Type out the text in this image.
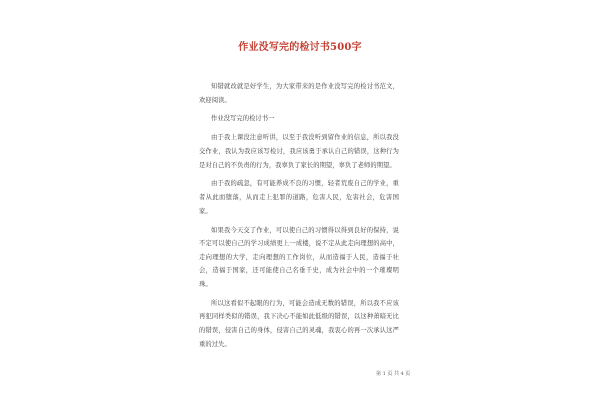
作业没写完的检讨书500字

知错就改就是好学生，为大家带来的是作业没写完的检讨书范文，欢迎阅读。

作业没写完的检讨书一

由于我上课没注意听讲，以至于我没听到留作业的信息，所以我没交作业，我认为我应该写检讨，我应该勇于承认自己的错误，这种行为是对自己的不负责的行为，我辜负了家长的期望，辜负了老师的期望。

由于我的疏忽，有可能养成不良的习惯，轻者荒废自己的学业，重者从此而堕落，从而走上犯罪的道路，危害人民，危害社会，危害国家。

如果我今天交了作业，可以使自己的习惯得以得到良好的保持，说不定可以使自己的学习成绩更上一成楼，说不定从此走向理想的高中，走向理想的大学，走向理想的工作岗位，从而造福于人民，造福于社会，造福于国家，还可能使自己名垂千史，成为社会中的一个璀璨明珠。

所以这看似不起眼的行为，可能会造成无数的错误，所以我不应该再犯同样类似的错误，我下决心不能如此低级的错误，以这种萧暗无比的错误，侵害自己的身体，侵害自己的灵魂，我衷心的再一次承认这严重的过失。

第 1 页 共 4 页
